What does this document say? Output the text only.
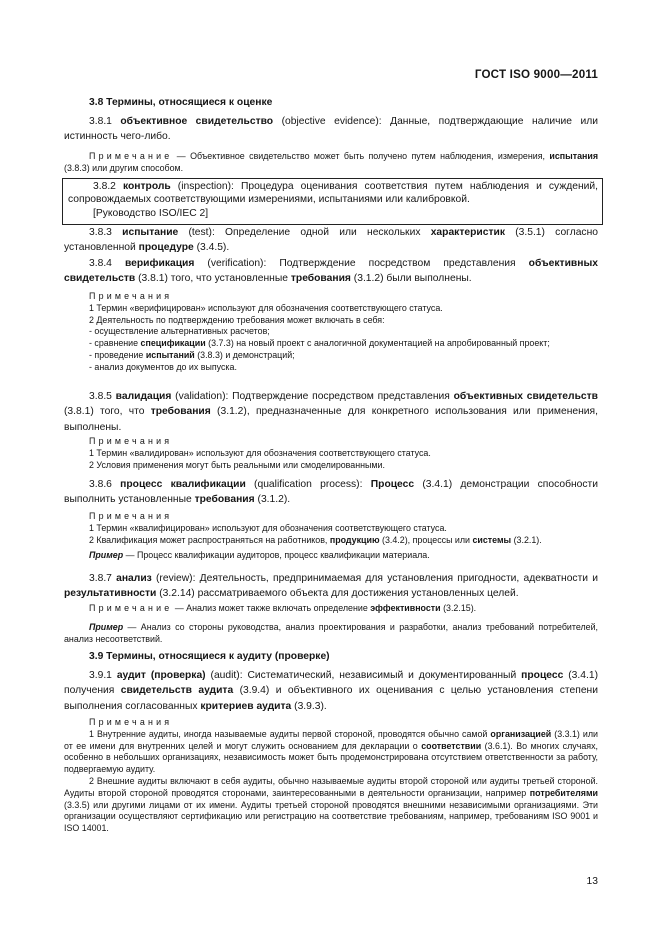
ГОСТ ISO 9000—2011
3.8 Термины, относящиеся к оценке

3.8.1 объективное свидетельство (objective evidence): Данные, подтверждающие наличие или истинность чего-либо.

Примечание — Объективное свидетельство может быть получено путем наблюдения, измерения, испытания (3.8.3) или другим способом.

3.8.2 контроль (inspection): Процедура оценивания соответствия путем наблюдения и суждений, сопровождаемых соответствующими измерениями, испытаниями или калибровкой.

[Руководство ISO/IEC 2]

3.8.3 испытание (test): Определение одной или нескольких характеристик (3.5.1) согласно установленной процедуре (3.4.5).

3.8.4 верификация (verification): Подтверждение посредством представления объективных свидетельств (3.8.1) того, что установленные требования (3.1.2) были выполнены.

Примечания

1 Термин «верифицирован» используют для обозначения соответствующего статуса.

2 Деятельность по подтверждению требования может включать в себя:

- осуществление альтернативных расчетов;

- сравнение спецификации (3.7.3) на новый проект с аналогичной документацией на апробированный проект;

- проведение испытаний (3.8.3) и демонстраций;

- анализ документов до их выпуска.

3.8.5 валидация (validation): Подтверждение посредством представления объективных свидетельств (3.8.1) того, что требования (3.1.2), предназначенные для конкретного использования или применения, выполнены.

Примечания

1 Термин «валидирован» используют для обозначения соответствующего статуса.

2 Условия применения могут быть реальными или смоделированными.

3.8.6 процесс квалификации (qualification process): Процесс (3.4.1) демонстрации способности выполнить установленные требования (3.1.2).

Примечания

1 Термин «квалифицирован» используют для обозначения соответствующего статуса.

2 Квалификация может распространяться на работников, продукцию (3.4.2), процессы или системы (3.2.1).

Пример — Процесс квалификации аудиторов, процесс квалификации материала.

3.8.7 анализ (review): Деятельность, предпринимаемая для установления пригодности, адекватности и результативности (3.2.14) рассматриваемого объекта для достижения установленных целей.

Примечание — Анализ может также включать определение эффективности (3.2.15).

Пример — Анализ со стороны руководства, анализ проектирования и разработки, анализ требований потребителей, анализ несоответствий.

3.9 Термины, относящиеся к аудиту (проверке)

3.9.1 аудит (проверка) (audit): Систематический, независимый и документированный процесс (3.4.1) получения свидетельств аудита (3.9.4) и объективного их оценивания с целью установления степени выполнения согласованных критериев аудита (3.9.3).

Примечания

1 Внутренние аудиты, иногда называемые аудиты первой стороной, проводятся обычно самой организацией (3.3.1) или от ее имени для внутренних целей и могут служить основанием для декларации о соответствии (3.6.1). Во многих случаях, особенно в небольших организациях, независимость может быть продемонстрирована отсутствием ответственности за работу, подвергаемую аудиту.

2 Внешние аудиты включают в себя аудиты, обычно называемые аудиты второй стороной или аудиты третьей стороной. Аудиты второй стороной проводятся сторонами, заинтересованными в деятельности организации, например потребителями (3.3.5) или другими лицами от их имени. Аудиты третьей стороной проводятся внешними независимыми организациями. Эти организации осуществляют сертификацию или регистрацию на соответствие требованиям, например, требованиям ISO 9001 и ISO 14001.

13
